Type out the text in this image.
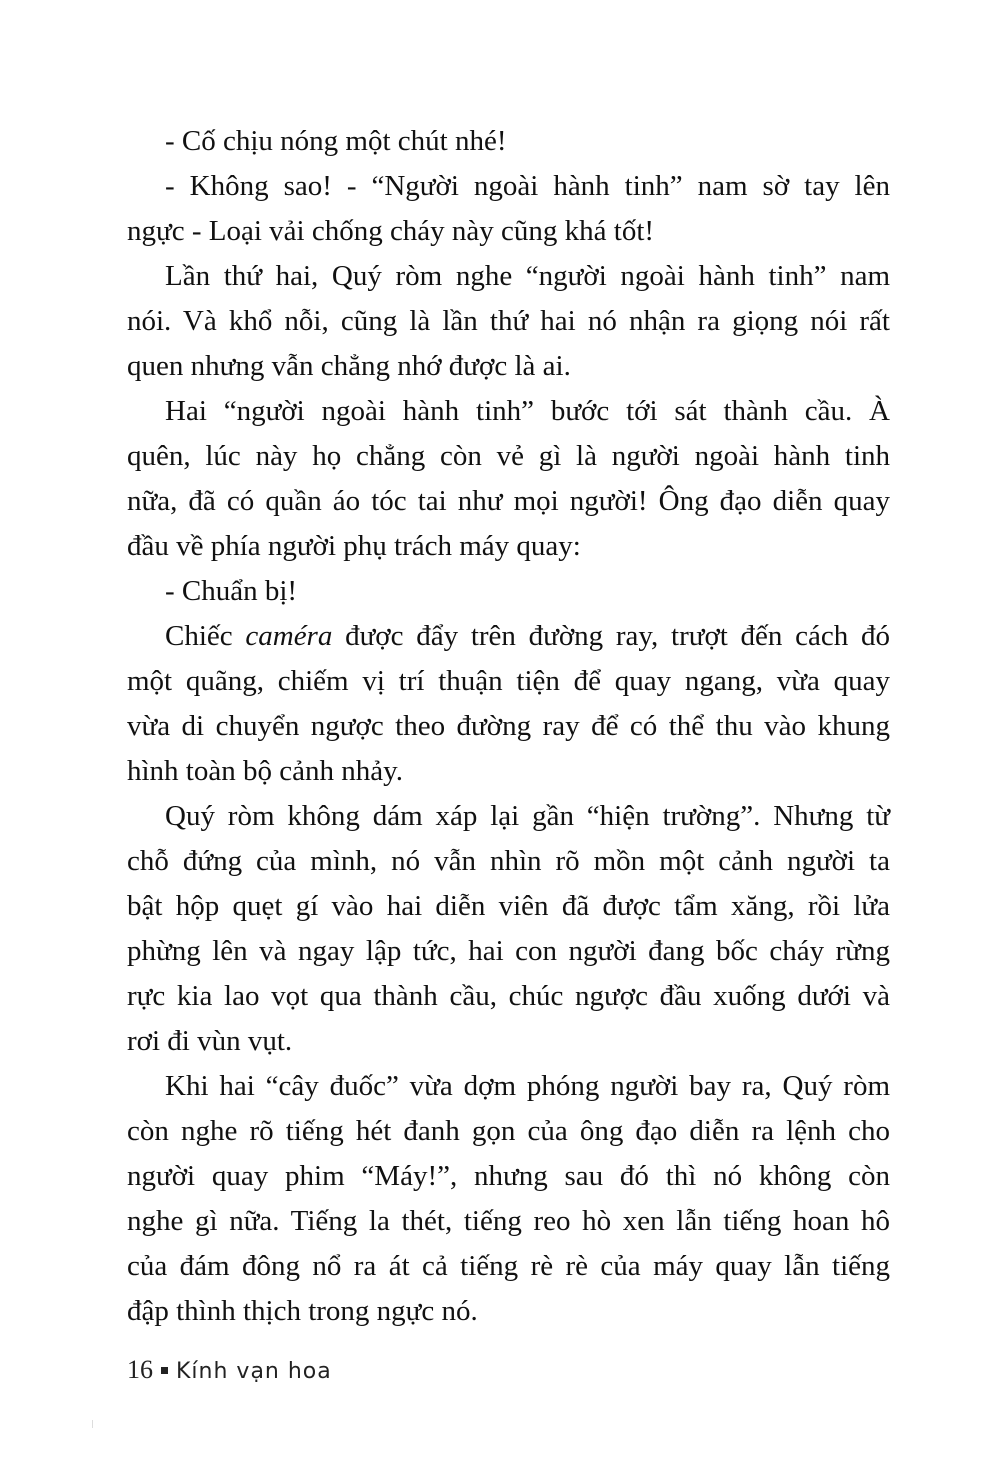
- Cố chịu nóng một chút nhé!
- Không sao! - “Người ngoài hành tinh” nam sờ tay lên
ngực - Loại vải chống cháy này cũng khá tốt!
Lần thứ hai, Quý ròm nghe “người ngoài hành tinh” nam
nói. Và khổ nỗi, cũng là lần thứ hai nó nhận ra giọng nói rất
quen nhưng vẫn chẳng nhớ được là ai.
Hai “người ngoài hành tinh” bước tới sát thành cầu. À
quên, lúc này họ chẳng còn vẻ gì là người ngoài hành tinh
nữa, đã có quần áo tóc tai như mọi người! Ông đạo diễn quay
đầu về phía người phụ trách máy quay:
- Chuẩn bị!
Chiếc caméra được đẩy trên đường ray, trượt đến cách đó
một quãng, chiếm vị trí thuận tiện để quay ngang, vừa quay
vừa di chuyển ngược theo đường ray để có thể thu vào khung
hình toàn bộ cảnh nhảy.
Quý ròm không dám xáp lại gần “hiện trường”. Nhưng từ
chỗ đứng của mình, nó vẫn nhìn rõ mồn một cảnh người ta
bật hộp quẹt gí vào hai diễn viên đã được tẩm xăng, rồi lửa
phừng lên và ngay lập tức, hai con người đang bốc cháy rừng
rực kia lao vọt qua thành cầu, chúc ngược đầu xuống dưới và
rơi đi vùn vụt.
Khi hai “cây đuốc” vừa dợm phóng người bay ra, Quý ròm
còn nghe rõ tiếng hét đanh gọn của ông đạo diễn ra lệnh cho
người quay phim “Máy!”, nhưng sau đó thì nó không còn
nghe gì nữa. Tiếng la thét, tiếng reo hò xen lẫn tiếng hoan hô
của đám đông nổ ra át cả tiếng rè rè của máy quay lẫn tiếng
đập thình thịch trong ngực nó.
16 Kính vạn hoa
